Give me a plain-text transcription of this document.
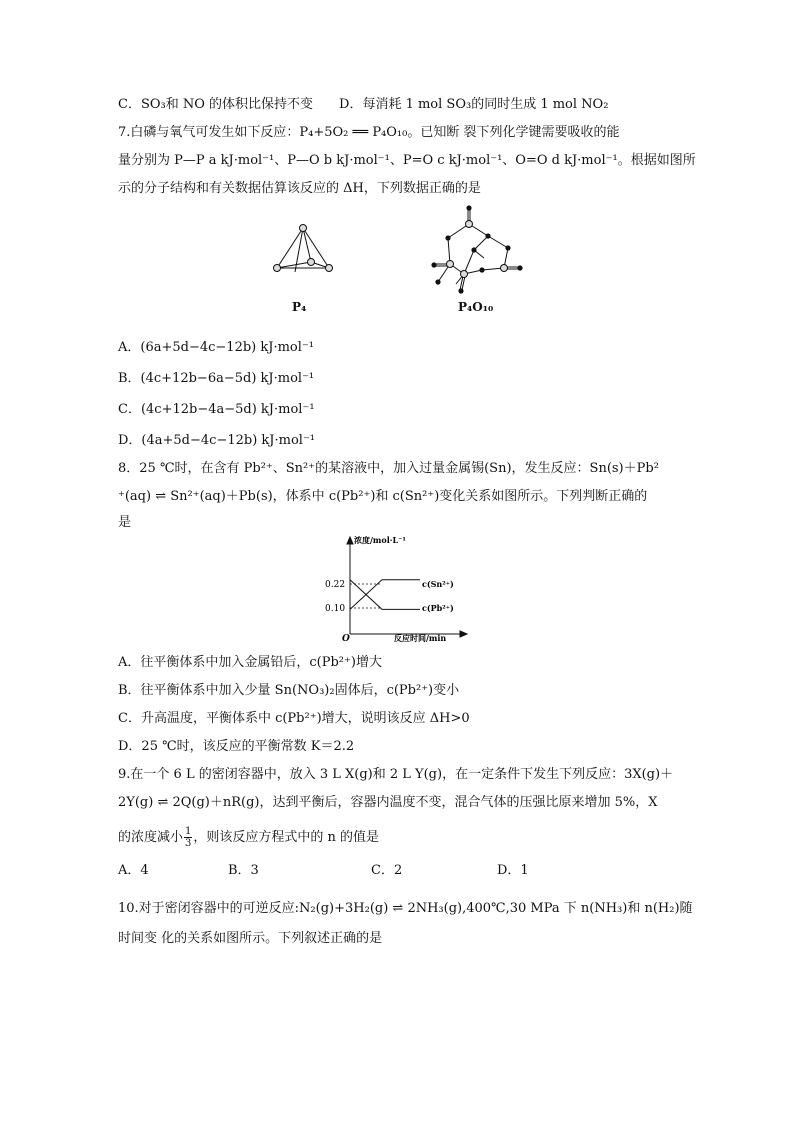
C．SO₃和 NO 的体积比保持不变　　D．每消耗 1 mol SO₃的同时生成 1 mol NO₂
7.白磷与氧气可发生如下反应：P₄+5O₂ ══ P₄O₁₀。已知断 裂下列化学键需要吸收的能
量分别为 P—P a kJ·mol⁻¹、P—O b kJ·mol⁻¹、P=O c kJ·mol⁻¹、O=O d kJ·mol⁻¹。根据如图所
示的分子结构和有关数据估算该反应的 ΔH，下列数据正确的是
P₄	P₄O₁₀
A．(6a+5d−4c−12b) kJ·mol⁻¹
B．(4c+12b−6a−5d) kJ·mol⁻¹
C．(4c+12b−4a−5d) kJ·mol⁻¹
D．(4a+5d−4c−12b) kJ·mol⁻¹
8．25 ℃时，在含有 Pb²⁺、Sn²⁺的某溶液中，加入过量金属锡(Sn)，发生反应：Sn(s)＋Pb²
⁺(aq) ⇌ Sn²⁺(aq)＋Pb(s)，体系中 c(Pb²⁺)和 c(Sn²⁺)变化关系如图所示。下列判断正确的
是
浓度/mol·L⁻¹
反应时间/min
O
0.22
0.10
c(Sn²⁺)
c(Pb²⁺)
A．往平衡体系中加入金属铅后，c(Pb²⁺)增大
B．往平衡体系中加入少量 Sn(NO₃)₂固体后，c(Pb²⁺)变小
C．升高温度，平衡体系中 c(Pb²⁺)增大，说明该反应 ΔH>0
D．25 ℃时，该反应的平衡常数 K＝2.2
9.在一个 6 L 的密闭容器中，放入 3 L X(g)和 2 L Y(g)，在一定条件下发生下列反应：3X(g)＋
2Y(g) ⇌ 2Q(g)＋nR(g)，达到平衡后，容器内温度不变，混合气体的压强比原来增加 5%，X
的浓度减小 $\frac{1}{3}$ ，则该反应方程式中的 n 的值是
A．4	B．3	C．2	D．1
10.对于密闭容器中的可逆反应:N₂(g)+3H₂(g) ⇌ 2NH₃(g),400℃,30 MPa 下 n(NH₃)和 n(H₂)随
时间变 化的关系如图所示。下列叙述正确的是
